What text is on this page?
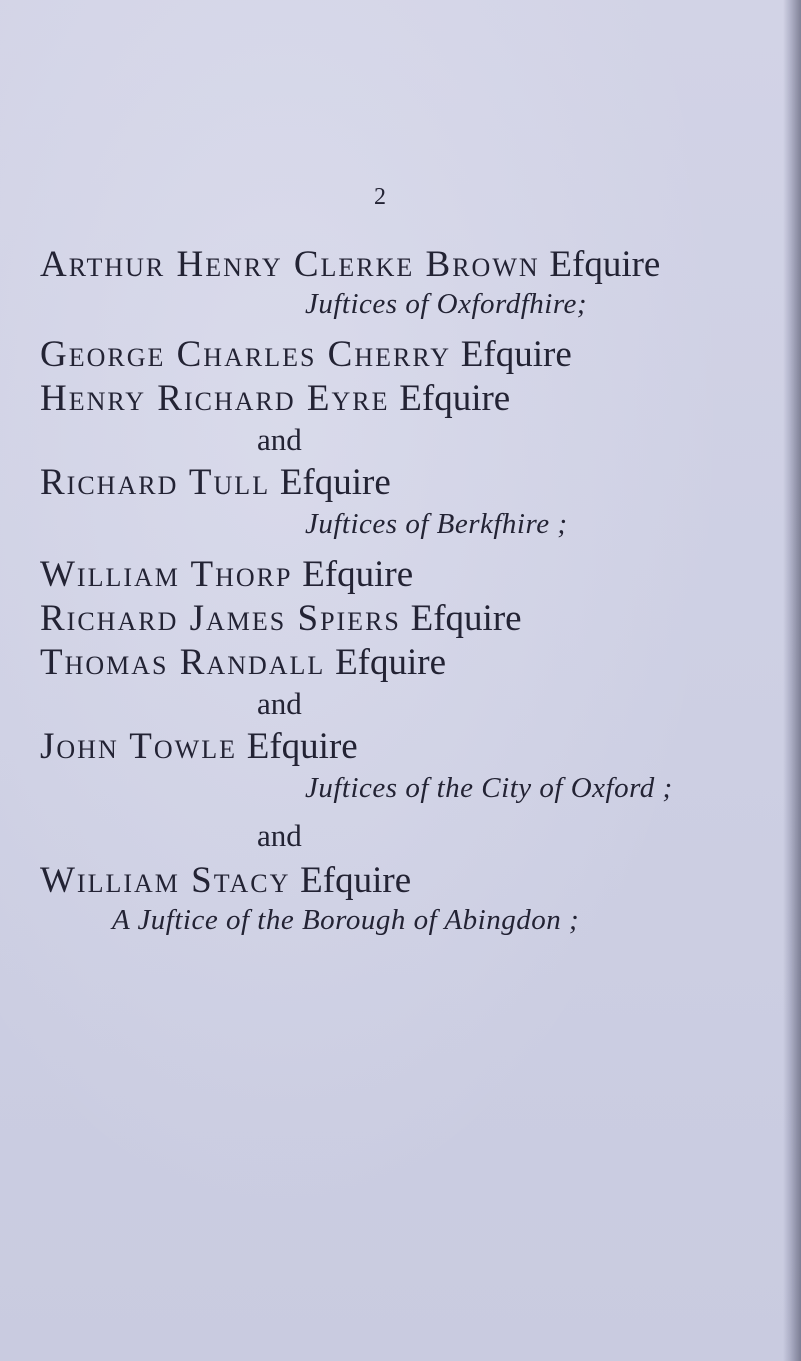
2
Arthur Henry Clerke Brown Efquire
Juftices of Oxfordfhire;
George Charles Cherry Efquire
Henry Richard Eyre Efquire
and
Richard Tull Efquire
Juftices of Berkfhire ;
William Thorp Efquire
Richard James Spiers Efquire
Thomas Randall Efquire
and
John Towle Efquire
Juftices of the City of Oxford ;
and
William Stacy Efquire
A Juftice of the Borough of Abingdon ;
